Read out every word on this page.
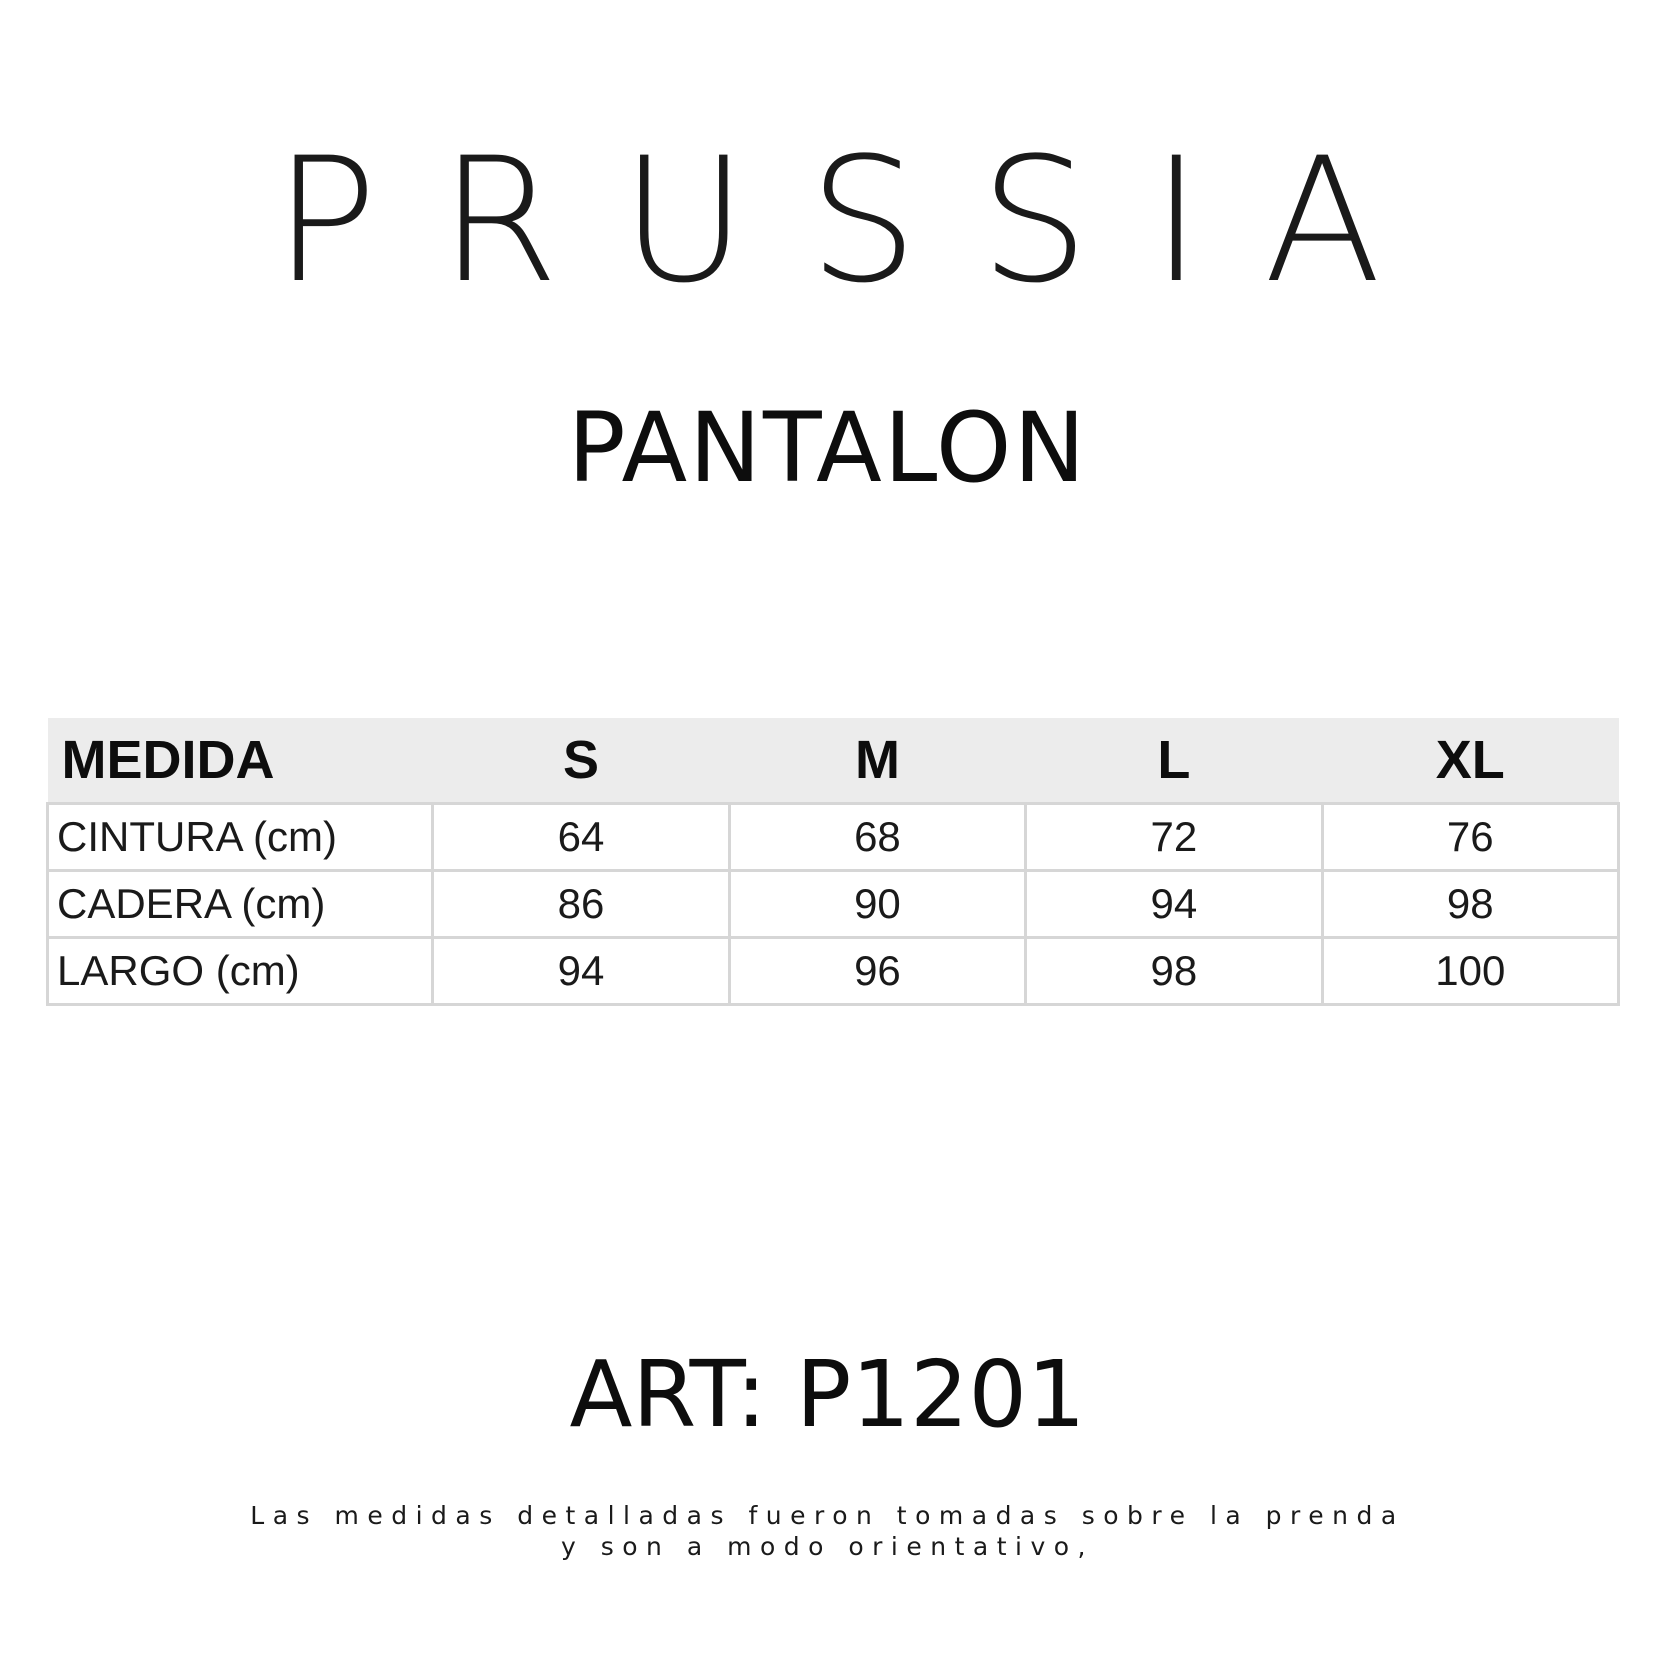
PRUSSIA
PANTALON
MEDIDA	S	M	L	XL
CINTURA (cm)	64	68	72	76
CADERA (cm)	86	90	94	98
LARGO (cm)	94	96	98	100
ART: P1201
Las medidas detalladas fueron tomadas sobre la prenda
y son a modo orientativo,
